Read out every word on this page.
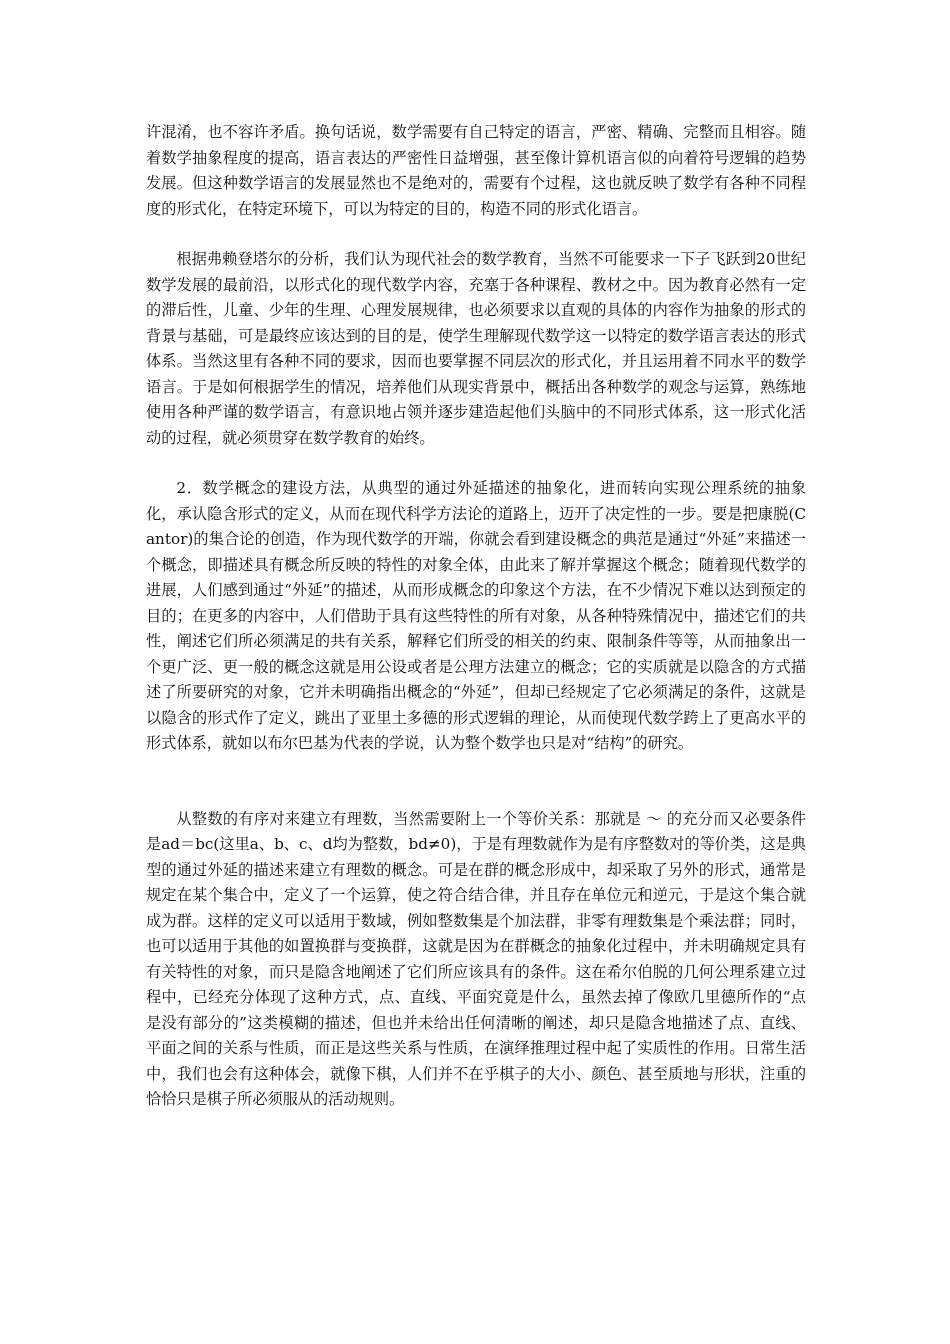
许混淆，也不容许矛盾。换句话说，数学需要有自己特定的语言，严密、精确、完整而且相容。随着数学抽象程度的提高，语言表达的严密性日益增强，甚至像计算机语言似的向着符号逻辑的趋势发展。但这种数学语言的发展显然也不是绝对的，需要有个过程，这也就反映了数学有各种不同程度的形式化，在特定环境下，可以为特定的目的，构造不同的形式化语言。

根据弗赖登塔尔的分析，我们认为现代社会的数学教育，当然不可能要求一下子飞跃到20世纪数学发展的最前沿，以形式化的现代数学内容，充塞于各种课程、教材之中。因为教育必然有一定的滞后性，儿童、少年的生理、心理发展规律，也必须要求以直观的具体的内容作为抽象的形式的背景与基础，可是最终应该达到的目的是，使学生理解现代数学这一以特定的数学语言表达的形式体系。当然这里有各种不同的要求，因而也要掌握不同层次的形式化，并且运用着不同水平的数学语言。于是如何根据学生的情况，培养他们从现实背景中，概括出各种数学的观念与运算，熟练地使用各种严谨的数学语言，有意识地占领并逐步建造起他们头脑中的不同形式体系，这一形式化活动的过程，就必须贯穿在数学教育的始终。

2．数学概念的建设方法，从典型的通过外延描述的抽象化，进而转向实现公理系统的抽象化，承认隐含形式的定义，从而在现代科学方法论的道路上，迈开了决定性的一步。要是把康脱(Cantor)的集合论的创造，作为现代数学的开端，你就会看到建设概念的典范是通过“外延”来描述一个概念，即描述具有概念所反映的特性的对象全体，由此来了解并掌握这个概念；随着现代数学的进展，人们感到通过“外延”的描述，从而形成概念的印象这个方法，在不少情况下难以达到预定的目的；在更多的内容中，人们借助于具有这些特性的所有对象，从各种特殊情况中，描述它们的共性，阐述它们所必须满足的共有关系，解释它们所受的相关的约束、限制条件等等，从而抽象出一个更广泛、更一般的概念这就是用公设或者是公理方法建立的概念；它的实质就是以隐含的方式描述了所要研究的对象，它并未明确指出概念的“外延”，但却已经规定了它必须满足的条件，这就是以隐含的形式作了定义，跳出了亚里土多德的形式逻辑的理论，从而使现代数学跨上了更高水平的形式体系，就如以布尔巴基为代表的学说，认为整个数学也只是对“结构”的研究。

从整数的有序对来建立有理数，当然需要附上一个等价关系：那就是 ～ 的充分而又必要条件是ad＝bc(这里a、b、c、d均为整数，bd≠0)，于是有理数就作为是有序整数对的等价类，这是典型的通过外延的描述来建立有理数的概念。可是在群的概念形成中，却采取了另外的形式，通常是规定在某个集合中，定义了一个运算，使之符合结合律，并且存在单位元和逆元，于是这个集合就成为群。这样的定义可以适用于数域，例如整数集是个加法群，非零有理数集是个乘法群；同时，也可以适用于其他的如置换群与变换群，这就是因为在群概念的抽象化过程中，并未明确规定具有有关特性的对象，而只是隐含地阐述了它们所应该具有的条件。这在希尔伯脱的几何公理系建立过程中，已经充分体现了这种方式，点、直线、平面究竟是什么，虽然去掉了像欧几里德所作的“点是没有部分的”这类模糊的描述，但也并未给出任何清晰的阐述，却只是隐含地描述了点、直线、平面之间的关系与性质，而正是这些关系与性质，在演绎推理过程中起了实质性的作用。日常生活中，我们也会有这种体会，就像下棋，人们并不在乎棋子的大小、颜色、甚至质地与形状，注重的恰恰只是棋子所必须服从的活动规则。
